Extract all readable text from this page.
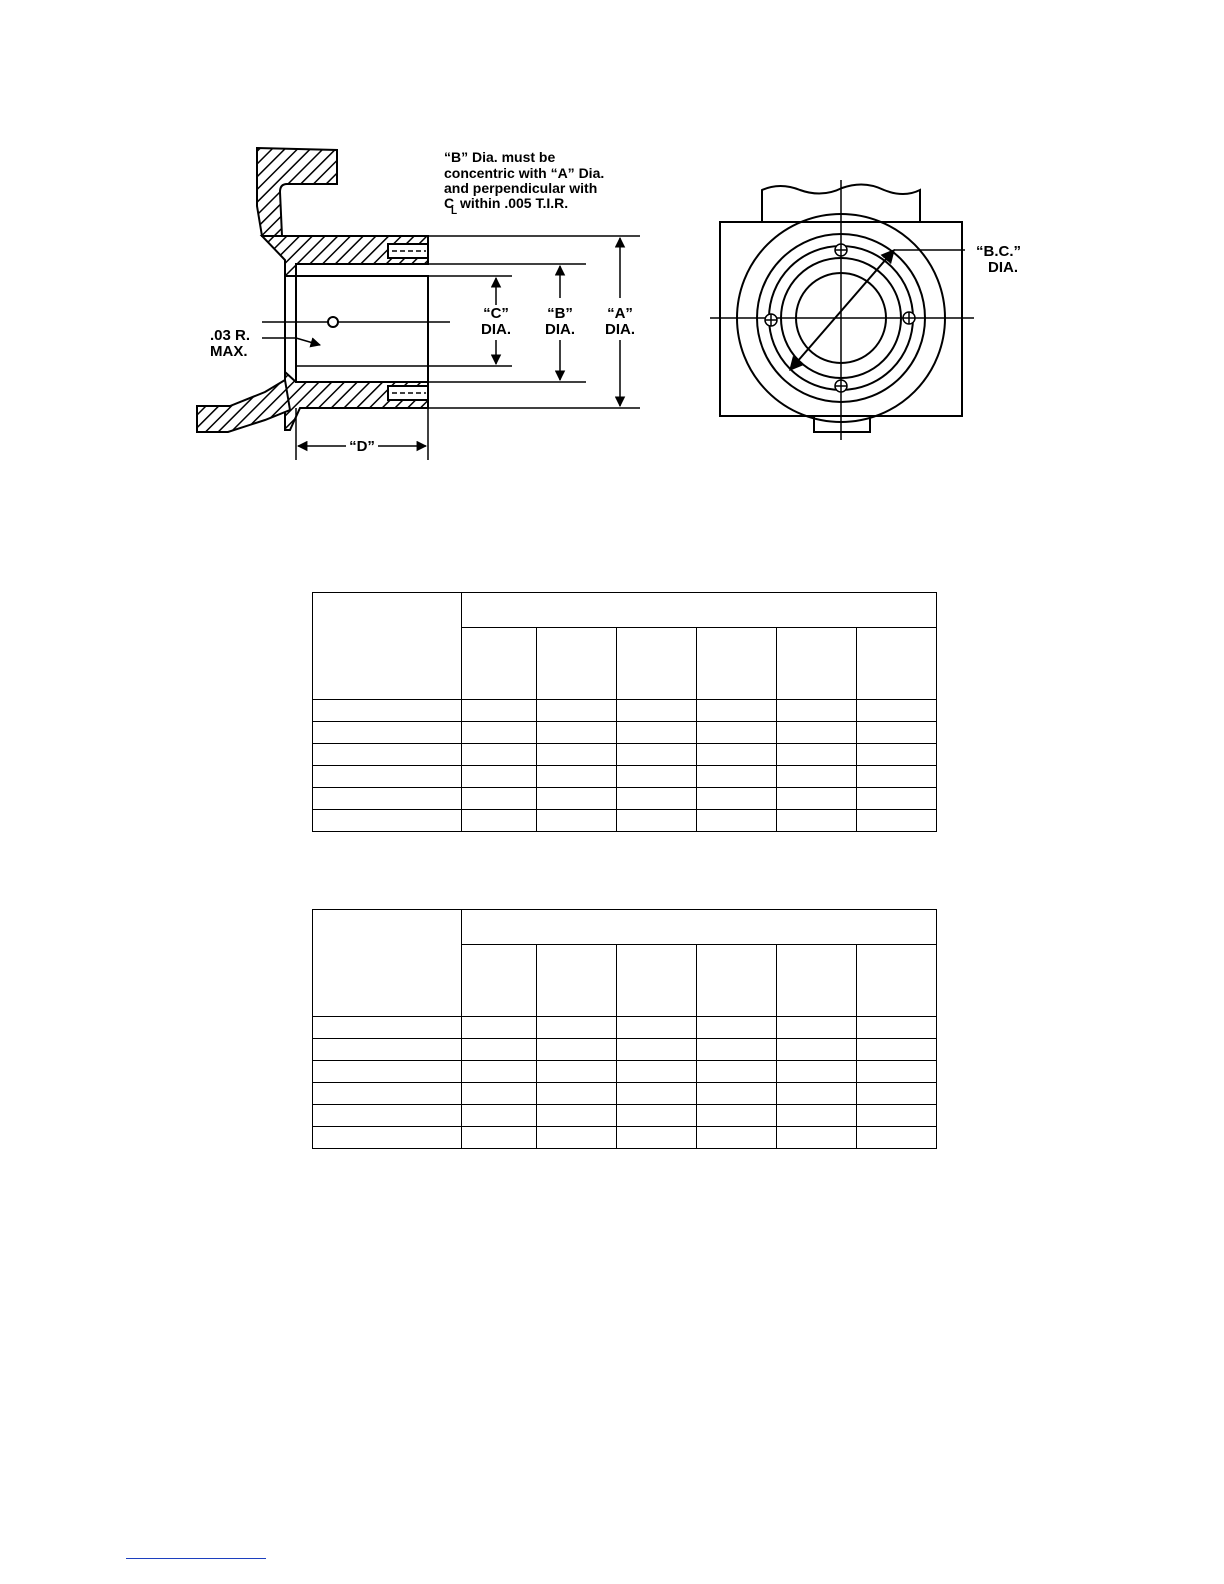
“B” Dia. must be
concentric with “A” Dia.
and perpendicular with
C
L
within .005 T.I.R.
.03 R.
MAX.
“C”
DIA.
“B”
DIA.
“A”
DIA.
“D”
“B.C.”
DIA.
